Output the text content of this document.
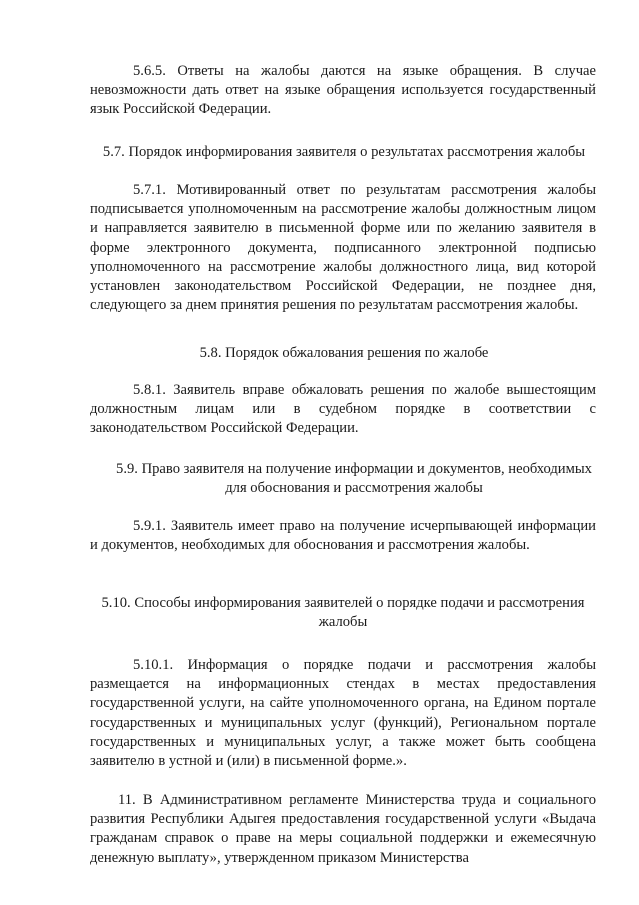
5.6.5. Ответы на жалобы даются на языке обращения. В случае невозможности дать ответ на языке обращения используется государственный язык Российской Федерации.

5.7. Порядок информирования заявителя о результатах рассмотрения жалобы

5.7.1. Мотивированный ответ по результатам рассмотрения жалобы подписывается уполномоченным на рассмотрение жалобы должностным лицом и направляется заявителю в письменной форме или по желанию заявителя в форме электронного документа, подписанного электронной подписью уполномоченного на рассмотрение жалобы должностного лица, вид которой установлен законодательством Российской Федерации, не позднее дня, следующего за днем принятия решения по результатам рассмотрения жалобы.

5.8. Порядок обжалования решения по жалобе

5.8.1. Заявитель вправе обжаловать решения по жалобе вышестоящим должностным лицам или в судебном порядке в соответствии с законодательством Российской Федерации.

5.9. Право заявителя на получение информации и документов, необходимых для обоснования и рассмотрения жалобы

5.9.1. Заявитель имеет право на получение исчерпывающей информации и документов, необходимых для обоснования и рассмотрения жалобы.

5.10. Способы информирования заявителей о порядке подачи и рассмотрения жалобы

5.10.1. Информация о порядке подачи и рассмотрения жалобы размещается на информационных стендах в местах предоставления государственной услуги, на сайте уполномоченного органа, на Едином портале государственных и муниципальных услуг (функций), Региональном портале государственных и муниципальных услуг, а также может быть сообщена заявителю в устной и (или) в письменной форме.».

11. В Административном регламенте Министерства труда и социального развития Республики Адыгея предоставления государственной услуги «Выдача гражданам справок о праве на меры социальной поддержки и ежемесячную денежную выплату», утвержденном приказом Министерства
